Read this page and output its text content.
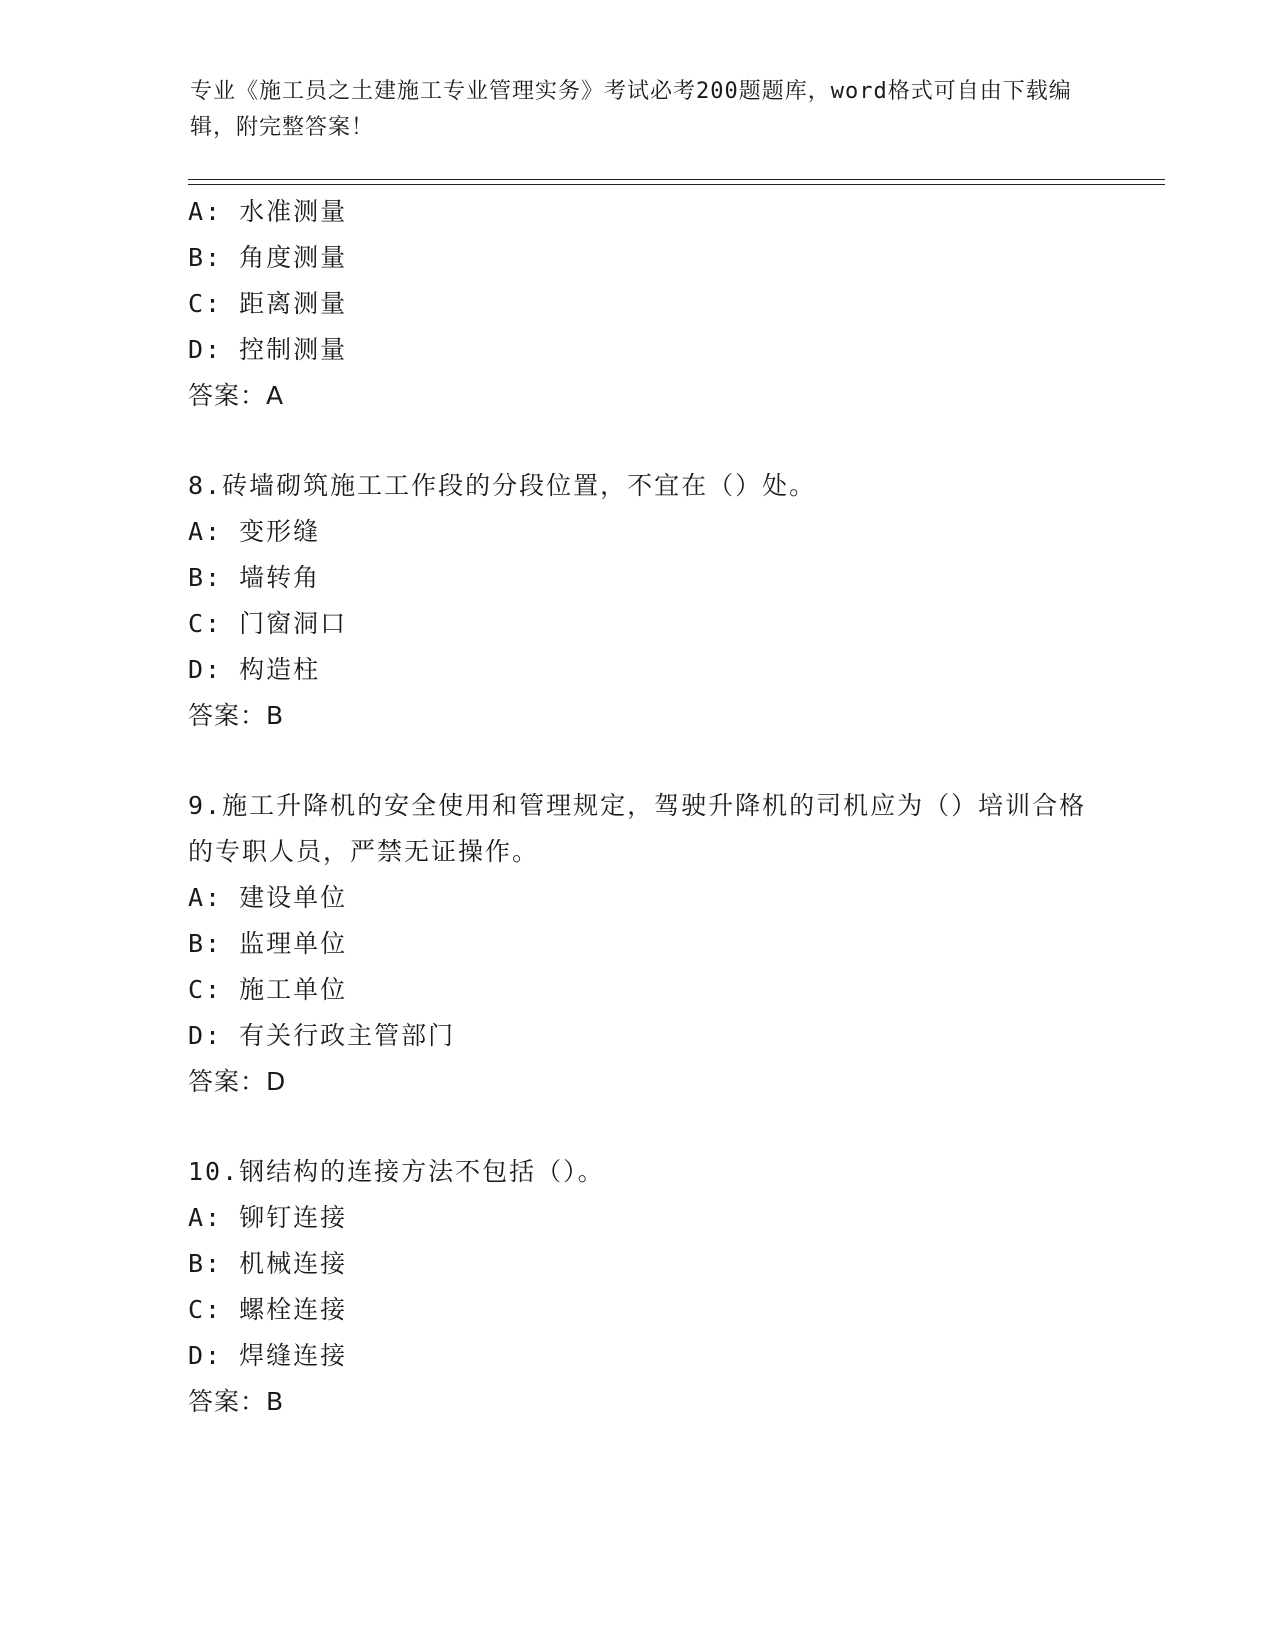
专业《施工员之土建施工专业管理实务》考试必考200题题库，word格式可自由下载编辑，附完整答案！
A: 水准测量
B: 角度测量
C: 距离测量
D: 控制测量
答案：A
8.砖墙砌筑施工工作段的分段位置，不宜在（）处。
A: 变形缝
B: 墙转角
C: 门窗洞口
D: 构造柱
答案：B
9.施工升降机的安全使用和管理规定，驾驶升降机的司机应为（）培训合格的专职人员，严禁无证操作。
A: 建设单位
B: 监理单位
C: 施工单位
D: 有关行政主管部门
答案：D
10.钢结构的连接方法不包括（）。
A: 铆钉连接
B: 机械连接
C: 螺栓连接
D: 焊缝连接
答案：B
